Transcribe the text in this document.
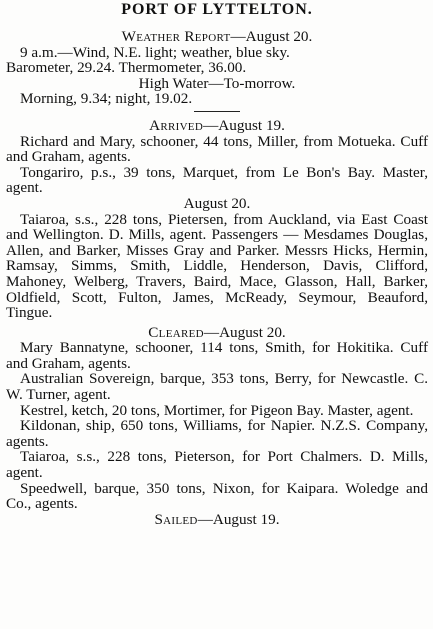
PORT OF LYTTELTON.
Weather Report—August 20.

9 a.m.—Wind, N.E. light; weather, blue sky.

Barometer, 29.24. Thermometer, 36.00.

High Water—To-morrow.

Morning, 9.34; night, 19.02.

Arrived—August 19.

Richard and Mary, schooner, 44 tons, Miller, from Motueka. Cuff and Graham, agents.

Tongariro, p.s., 39 tons, Marquet, from Le Bon's Bay. Master, agent.

August 20.

Taiaroa, s.s., 228 tons, Pietersen, from Auckland, via East Coast and Wellington. D. Mills, agent. Passengers — Mesdames Douglas, Allen, and Barker, Misses Gray and Parker. Messrs Hicks, Hermin, Ramsay, Simms, Smith, Liddle, Henderson, Davis, Clifford, Mahoney, Welberg, Travers, Baird, Mace, Glasson, Hall, Barker, Oldfield, Scott, Fulton, James, McReady, Seymour, Beauford, Tingue.

Cleared—August 20.

Mary Bannatyne, schooner, 114 tons, Smith, for Hokitika. Cuff and Graham, agents.

Australian Sovereign, barque, 353 tons, Berry, for Newcastle. C. W. Turner, agent.

Kestrel, ketch, 20 tons, Mortimer, for Pigeon Bay. Master, agent.

Kildonan, ship, 650 tons, Williams, for Napier. N.Z.S. Company, agents.

Taiaroa, s.s., 228 tons, Pieterson, for Port Chalmers. D. Mills, agent.

Speedwell, barque, 350 tons, Nixon, for Kaipara. Woledge and Co., agents.

Sailed—August 19.
